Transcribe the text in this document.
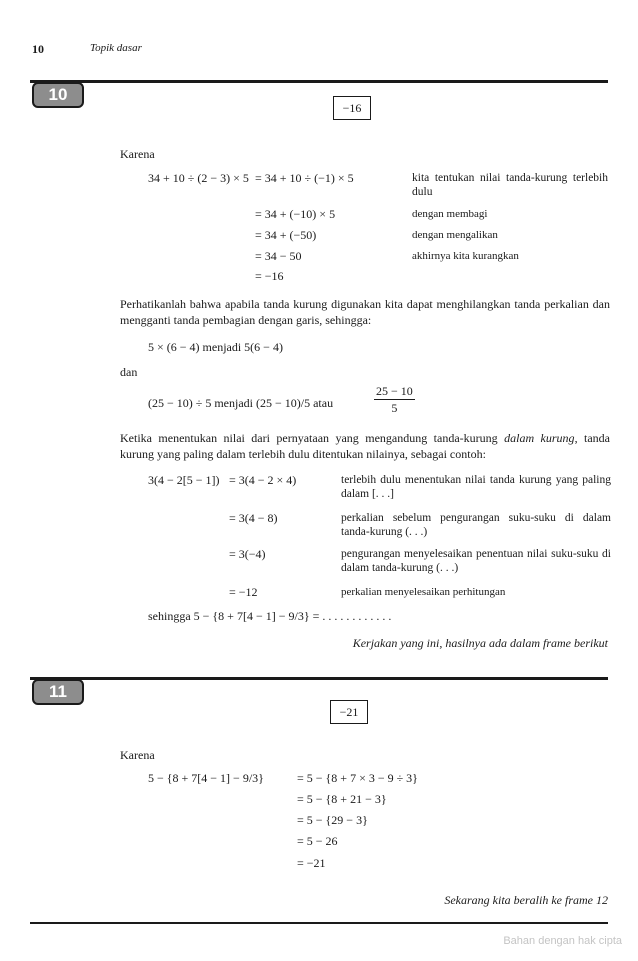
10	Topik dasar
10
−16
Karena
34 + 10 ÷ (2 − 3) × 5 = 34 + 10 ÷ (−1) × 5	kita tentukan nilai tanda-kurung terlebih dulu
= 34 + (−10) × 5	dengan membagi
= 34 + (−50)	dengan mengalikan
= 34 − 50	akhirnya kita kurangkan
= −16
Perhatikanlah bahwa apabila tanda kurung digunakan kita dapat menghilangkan tanda perkalian dan mengganti tanda pembagian dengan garis, sehingga:
5 × (6 − 4) menjadi 5(6 − 4)
dan
(25 − 10) ÷ 5 menjadi (25 − 10)/5 atau	$\frac{25 - 10}{5}$
Ketika menentukan nilai dari pernyataan yang mengandung tanda-kurung dalam kurung, tanda kurung yang paling dalam terlebih dulu ditentukan nilainya, sebagai contoh:
3(4 − 2[5 − 1]) = 3(4 − 2 × 4)	terlebih dulu menentukan nilai tanda kurung yang paling dalam [. . .]
= 3(4 − 8)	perkalian sebelum pengurangan suku-suku di dalam tanda-kurung (. . .)
= 3(−4)	pengurangan menyelesaikan penentuan nilai suku-suku di dalam tanda-kurung (. . .)
= −12	perkalian menyelesaikan perhitungan
sehingga 5 − {8 + 7[4 − 1] − 9/3} = . . . . . . . . . . . .
Kerjakan yang ini, hasilnya ada dalam frame berikut
11
−21
Karena
5 − {8 + 7[4 − 1] − 9/3}	= 5 − {8 + 7 × 3 − 9 ÷ 3}
= 5 − {8 + 21 − 3}
= 5 − {29 − 3}
= 5 − 26
= −21
Sekarang kita beralih ke frame 12
Bahan dengan hak cipta
